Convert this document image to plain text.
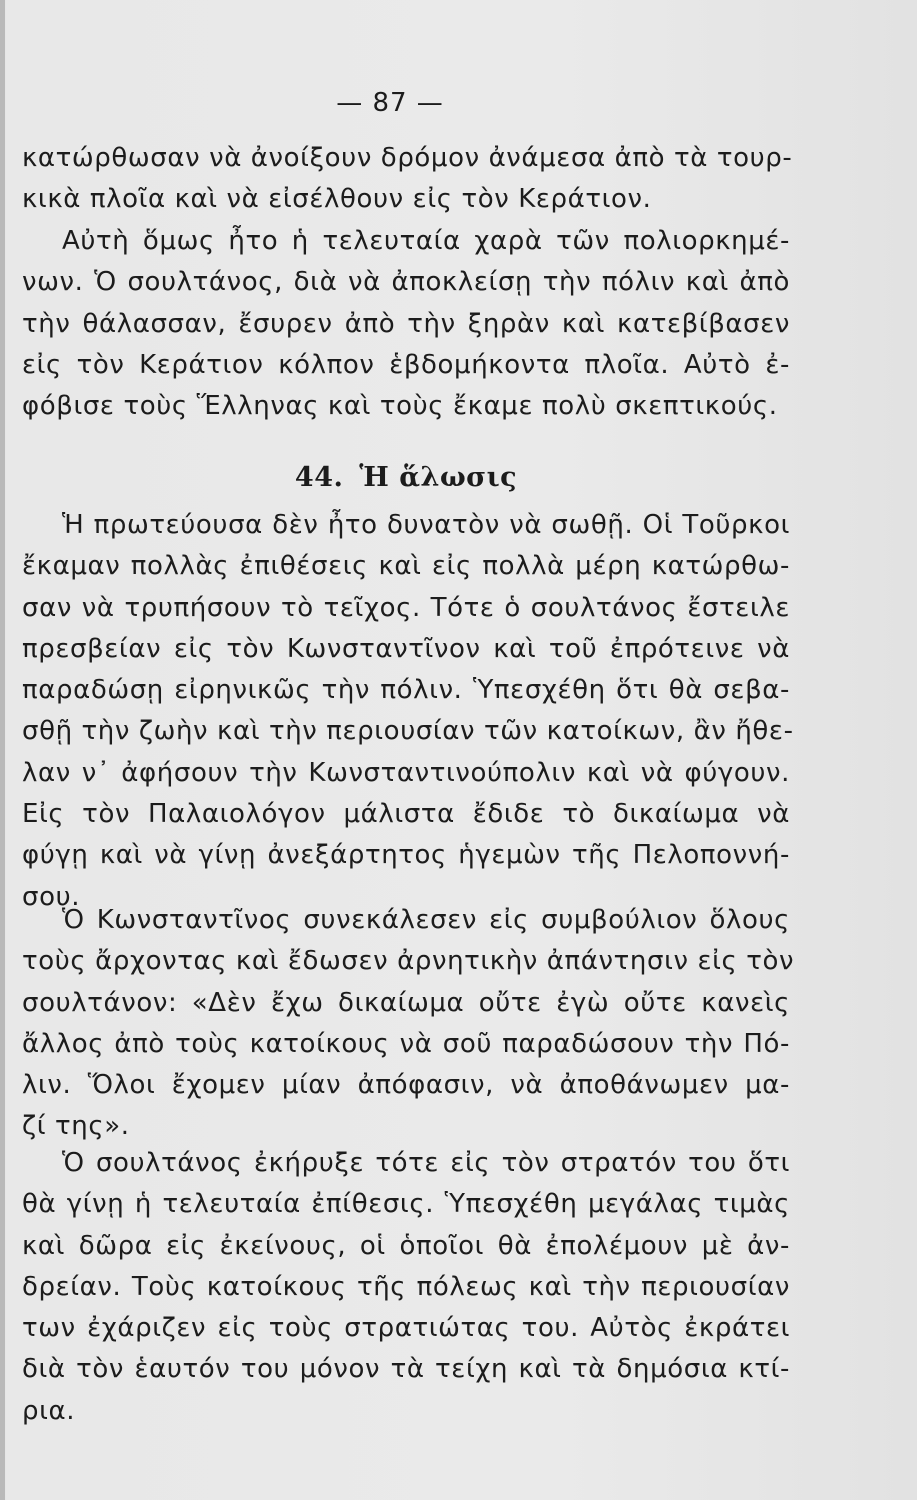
— 87 —
κατώρθωσαν νὰ ἀνοίξουν δρόμον ἀνάμεσα ἀπὸ τὰ τουρ-
κικὰ πλοῖα καὶ νὰ εἰσέλθουν εἰς τὸν Κεράτιον.
Αὐτὴ ὅμως ἦτο ἡ τελευταία χαρὰ τῶν πολιορκημέ-
νων. Ὁ σουλτάνος, διὰ νὰ ἀποκλείσῃ τὴν πόλιν καὶ ἀπὸ
τὴν θάλασσαν, ἔσυρεν ἀπὸ τὴν ξηρὰν καὶ κατεβίβασεν
εἰς τὸν Κεράτιον κόλπον ἑβδομήκοντα πλοῖα. Αὐτὸ ἐ-
φόβισε τοὺς Ἕλληνας καὶ τοὺς ἔκαμε πολὺ σκεπτικούς.
44. Ἡ ἅλωσις
Ἡ πρωτεύουσα δὲν ἦτο δυνατὸν νὰ σωθῇ. Οἱ Τοῦρκοι
ἔκαμαν πολλὰς ἐπιθέσεις καὶ εἰς πολλὰ μέρη κατώρθω-
σαν νὰ τρυπήσουν τὸ τεῖχος. Τότε ὁ σουλτάνος ἔστειλε
πρεσβείαν εἰς τὸν Κωνσταντῖνον καὶ τοῦ ἐπρότεινε νὰ
παραδώσῃ εἰρηνικῶς τὴν πόλιν. Ὑπεσχέθη ὅτι θὰ σεβα-
σθῇ τὴν ζωὴν καὶ τὴν περιουσίαν τῶν κατοίκων, ἂν ἤθε-
λαν ν᾽ ἀφήσουν τὴν Κωνσταντινούπολιν καὶ νὰ φύγουν.
Εἰς τὸν Παλαιολόγον μάλιστα ἔδιδε τὸ δικαίωμα νὰ
φύγῃ καὶ νὰ γίνῃ ἀνεξάρτητος ἡγεμὼν τῆς Πελοποννή-
σου.
Ὁ Κωνσταντῖνος συνεκάλεσεν εἰς συμβούλιον ὅλους
τοὺς ἄρχοντας καὶ ἔδωσεν ἀρνητικὴν ἀπάντησιν εἰς τὸν
σουλτάνον: «Δὲν ἔχω δικαίωμα οὔτε ἐγὼ οὔτε κανεὶς
ἄλλος ἀπὸ τοὺς κατοίκους νὰ σοῦ παραδώσουν τὴν Πό-
λιν. Ὅλοι ἔχομεν μίαν ἀπόφασιν, νὰ ἀποθάνωμεν μα-
ζί της».
Ὁ σουλτάνος ἐκήρυξε τότε εἰς τὸν στρατόν του ὅτι
θὰ γίνῃ ἡ τελευταία ἐπίθεσις. Ὑπεσχέθη μεγάλας τιμὰς
καὶ δῶρα εἰς ἐκείνους, οἱ ὁποῖοι θὰ ἐπολέμουν μὲ ἀν-
δρείαν. Τοὺς κατοίκους τῆς πόλεως καὶ τὴν περιουσίαν
των ἐχάριζεν εἰς τοὺς στρατιώτας του. Αὐτὸς ἐκράτει
διὰ τὸν ἑαυτόν του μόνον τὰ τείχη καὶ τὰ δημόσια κτί-
ρια.
